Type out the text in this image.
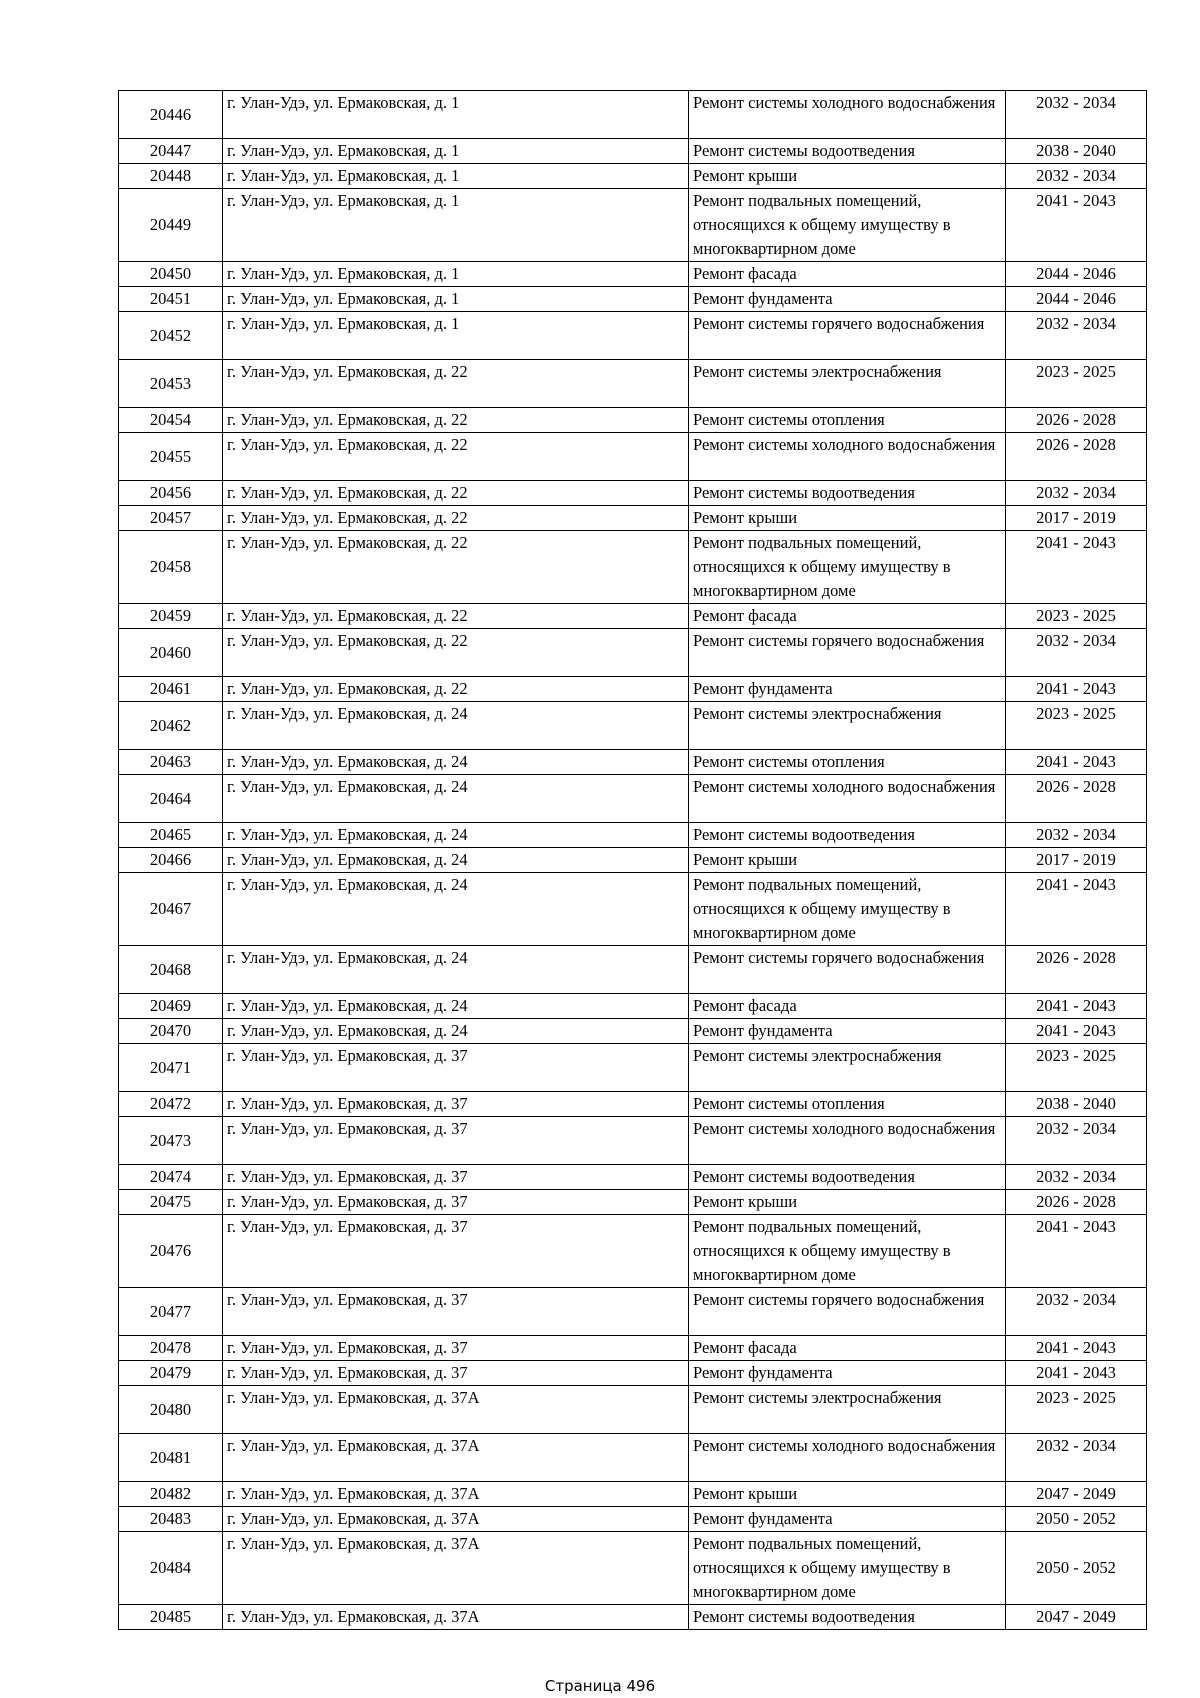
20446	г. Улан-Удэ, ул. Ермаковская, д. 1	Ремонт системы холодного водоснабжения	2032 - 2034
20447	г. Улан-Удэ, ул. Ермаковская, д. 1	Ремонт системы водоотведения	2038 - 2040
20448	г. Улан-Удэ, ул. Ермаковская, д. 1	Ремонт крыши	2032 - 2034
20449	г. Улан-Удэ, ул. Ермаковская, д. 1	Ремонт подвальных помещений, относящихся к общему имуществу в многоквартирном доме	2041 - 2043
20450	г. Улан-Удэ, ул. Ермаковская, д. 1	Ремонт фасада	2044 - 2046
20451	г. Улан-Удэ, ул. Ермаковская, д. 1	Ремонт фундамента	2044 - 2046
20452	г. Улан-Удэ, ул. Ермаковская, д. 1	Ремонт системы горячего водоснабжения	2032 - 2034
20453	г. Улан-Удэ, ул. Ермаковская, д. 22	Ремонт системы электроснабжения	2023 - 2025
20454	г. Улан-Удэ, ул. Ермаковская, д. 22	Ремонт системы отопления	2026 - 2028
20455	г. Улан-Удэ, ул. Ермаковская, д. 22	Ремонт системы холодного водоснабжения	2026 - 2028
20456	г. Улан-Удэ, ул. Ермаковская, д. 22	Ремонт системы водоотведения	2032 - 2034
20457	г. Улан-Удэ, ул. Ермаковская, д. 22	Ремонт крыши	2017 - 2019
20458	г. Улан-Удэ, ул. Ермаковская, д. 22	Ремонт подвальных помещений, относящихся к общему имуществу в многоквартирном доме	2041 - 2043
20459	г. Улан-Удэ, ул. Ермаковская, д. 22	Ремонт фасада	2023 - 2025
20460	г. Улан-Удэ, ул. Ермаковская, д. 22	Ремонт системы горячего водоснабжения	2032 - 2034
20461	г. Улан-Удэ, ул. Ермаковская, д. 22	Ремонт фундамента	2041 - 2043
20462	г. Улан-Удэ, ул. Ермаковская, д. 24	Ремонт системы электроснабжения	2023 - 2025
20463	г. Улан-Удэ, ул. Ермаковская, д. 24	Ремонт системы отопления	2041 - 2043
20464	г. Улан-Удэ, ул. Ермаковская, д. 24	Ремонт системы холодного водоснабжения	2026 - 2028
20465	г. Улан-Удэ, ул. Ермаковская, д. 24	Ремонт системы водоотведения	2032 - 2034
20466	г. Улан-Удэ, ул. Ермаковская, д. 24	Ремонт крыши	2017 - 2019
20467	г. Улан-Удэ, ул. Ермаковская, д. 24	Ремонт подвальных помещений, относящихся к общему имуществу в многоквартирном доме	2041 - 2043
20468	г. Улан-Удэ, ул. Ермаковская, д. 24	Ремонт системы горячего водоснабжения	2026 - 2028
20469	г. Улан-Удэ, ул. Ермаковская, д. 24	Ремонт фасада	2041 - 2043
20470	г. Улан-Удэ, ул. Ермаковская, д. 24	Ремонт фундамента	2041 - 2043
20471	г. Улан-Удэ, ул. Ермаковская, д. 37	Ремонт системы электроснабжения	2023 - 2025
20472	г. Улан-Удэ, ул. Ермаковская, д. 37	Ремонт системы отопления	2038 - 2040
20473	г. Улан-Удэ, ул. Ермаковская, д. 37	Ремонт системы холодного водоснабжения	2032 - 2034
20474	г. Улан-Удэ, ул. Ермаковская, д. 37	Ремонт системы водоотведения	2032 - 2034
20475	г. Улан-Удэ, ул. Ермаковская, д. 37	Ремонт крыши	2026 - 2028
20476	г. Улан-Удэ, ул. Ермаковская, д. 37	Ремонт подвальных помещений, относящихся к общему имуществу в многоквартирном доме	2041 - 2043
20477	г. Улан-Удэ, ул. Ермаковская, д. 37	Ремонт системы горячего водоснабжения	2032 - 2034
20478	г. Улан-Удэ, ул. Ермаковская, д. 37	Ремонт фасада	2041 - 2043
20479	г. Улан-Удэ, ул. Ермаковская, д. 37	Ремонт фундамента	2041 - 2043
20480	г. Улан-Удэ, ул. Ермаковская, д. 37А	Ремонт системы электроснабжения	2023 - 2025
20481	г. Улан-Удэ, ул. Ермаковская, д. 37А	Ремонт системы холодного водоснабжения	2032 - 2034
20482	г. Улан-Удэ, ул. Ермаковская, д. 37А	Ремонт крыши	2047 - 2049
20483	г. Улан-Удэ, ул. Ермаковская, д. 37А	Ремонт фундамента	2050 - 2052
20484	г. Улан-Удэ, ул. Ермаковская, д. 37А	Ремонт подвальных помещений, относящихся к общему имуществу в многоквартирном доме	2050 - 2052
20485	г. Улан-Удэ, ул. Ермаковская, д. 37А	Ремонт системы водоотведения	2047 - 2049
Страница 496
